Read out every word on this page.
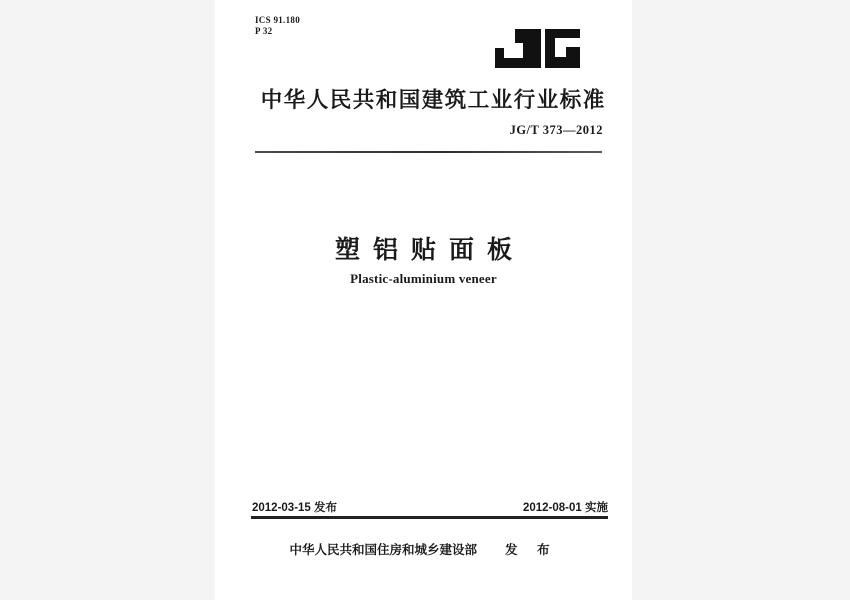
ICS 91.180
P 32
中华人民共和国建筑工业行业标准
JG/T 373—2012
塑铝贴面板
Plastic-aluminium veneer
2012-03-15 发布	2012-08-01 实施
中华人民共和国住房和城乡建设部	发 布
